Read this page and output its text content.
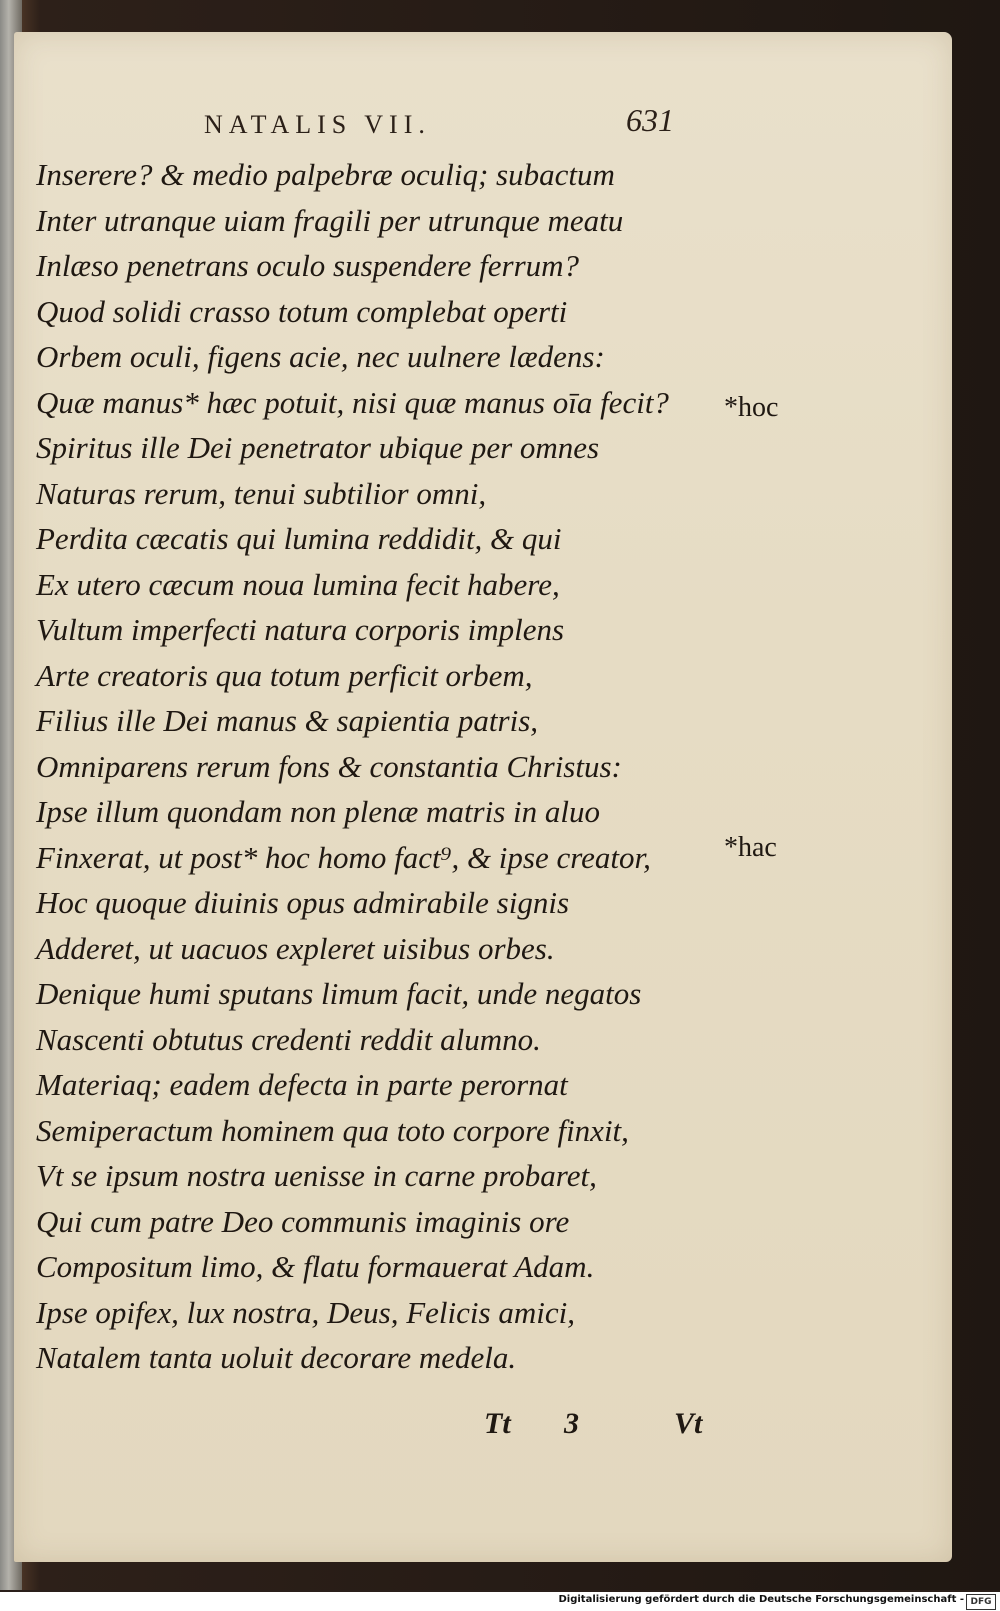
NATALIS VII.	631
Inserere? & medio palpebræ oculiq; subactum
Inter utranque uiam fragili per utrunque meatu
Inlæso penetrans oculo suspendere ferrum?
Quod solidi crasso totum complebat operti
Orbem oculi, figens acie, nec uulnere lædens:
Quæ manus* hæc potuit, nisi quæ manus oīa fecit?
Spiritus ille Dei penetrator ubique per omnes
Naturas rerum, tenui subtilior omni,
Perdita cæcatis qui lumina reddidit, & qui
Ex utero cæcum noua lumina fecit habere,
Vultum imperfecti natura corporis implens
Arte creatoris qua totum perficit orbem,
Filius ille Dei manus & sapientia patris,
Omniparens rerum fons & constantia Christus:
Ipse illum quondam non plenæ matris in aluo
Finxerat, ut post* hoc homo fact⁹, & ipse creator,
Hoc quoque diuinis opus admirabile signis
Adderet, ut uacuos expleret uisibus orbes.
Denique humi sputans limum facit, unde negatos
Nascenti obtutus credenti reddit alumno.
Materiaq; eadem defecta in parte perornat
Semiperactum hominem qua toto corpore finxit,
Vt se ipsum nostra uenisse in carne probaret,
Qui cum patre Deo communis imaginis ore
Compositum limo, & flatu formauerat Adam.
Ipse opifex, lux nostra, Deus, Felicis amici,
Natalem tanta uoluit decorare medela.
*hoc
*hac
Tt 3	Vt
Digitalisierung gefördert durch die Deutsche Forschungsgemeinschaft - DFG
